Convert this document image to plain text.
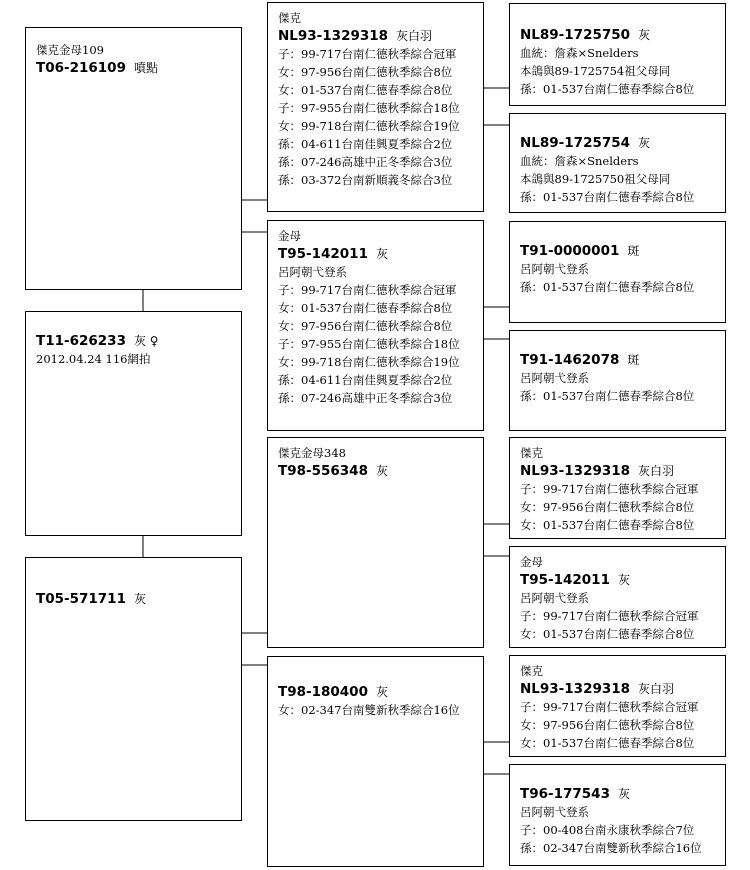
傑克金母109
T06-216109 噴點
T11-626233 灰 ♀
2012.04.24 116網拍
T05-571711 灰
傑克
NL93-1329318 灰白羽
子：99-717台南仁德秋季綜合冠軍
女：97-956台南仁德秋季綜合8位
女：01-537台南仁德春季綜合8位
子：97-955台南仁德秋季綜合18位
女：99-718台南仁德秋季綜合19位
孫：04-611台南佳興夏季綜合2位
孫：07-246高雄中正冬季綜合3位
孫：03-372台南新順義冬綜合3位
金母
T95-142011 灰
呂阿朝弋登系
子：99-717台南仁德秋季綜合冠軍
女：01-537台南仁德春季綜合8位
女：97-956台南仁德秋季綜合8位
子：97-955台南仁德秋季綜合18位
女：99-718台南仁德秋季綜合19位
孫：04-611台南佳興夏季綜合2位
孫：07-246高雄中正冬季綜合3位
傑克金母348
T98-556348 灰
T98-180400 灰
女：02-347台南雙新秋季綜合16位
NL89-1725750 灰
血統：詹森×Snelders
本鴿與89-1725754祖父母同
孫：01-537台南仁德春季綜合8位
NL89-1725754 灰
血統：詹森×Snelders
本鴿與89-1725750祖父母同
孫：01-537台南仁德春季綜合8位
T91-0000001 斑
呂阿朝弋登系
孫：01-537台南仁德春季綜合8位
T91-1462078 斑
呂阿朝弋登系
孫：01-537台南仁德春季綜合8位
傑克
NL93-1329318 灰白羽
子：99-717台南仁德秋季綜合冠軍
女：97-956台南仁德秋季綜合8位
女：01-537台南仁德春季綜合8位
金母
T95-142011 灰
呂阿朝弋登系
子：99-717台南仁德秋季綜合冠軍
女：01-537台南仁德春季綜合8位
傑克
NL93-1329318 灰白羽
子：99-717台南仁德秋季綜合冠軍
女：97-956台南仁德秋季綜合8位
女：01-537台南仁德春季綜合8位
T96-177543 灰
呂阿朝弋登系
子：00-408台南永康秋季綜合7位
孫：02-347台南雙新秋季綜合16位
